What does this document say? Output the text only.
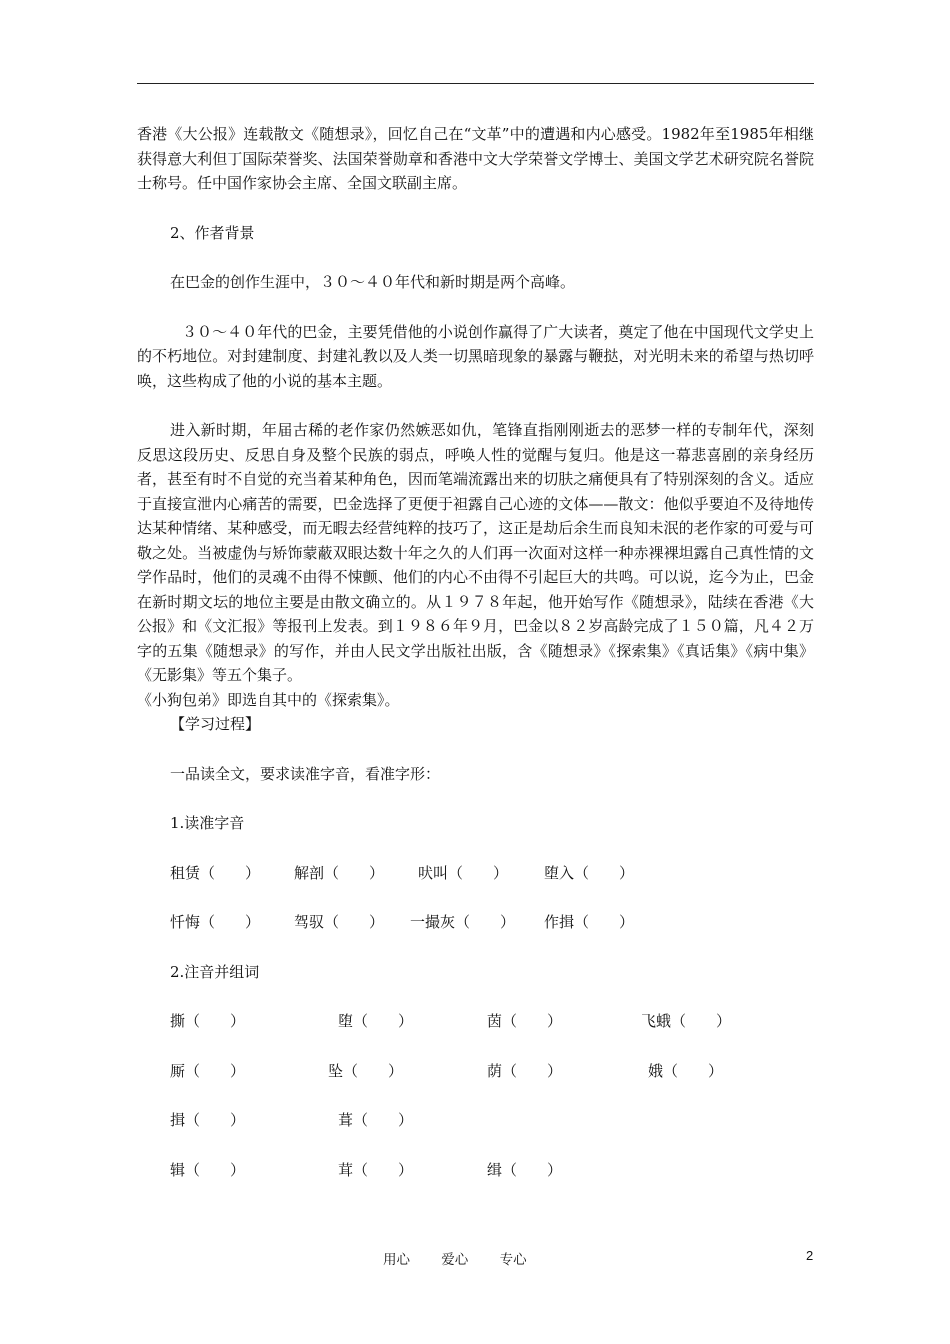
香港《大公报》连载散文《随想录》，回忆自己在“文革”中的遭遇和内心感受。1982年至1985年相继获得意大利但丁国际荣誉奖、法国荣誉勋章和香港中文大学荣誉文学博士、美国文学艺术研究院名誉院士称号。任中国作家协会主席、全国文联副主席。

2、作者背景

在巴金的创作生涯中，３０～４０年代和新时期是两个高峰。

３０～４０年代的巴金，主要凭借他的小说创作赢得了广大读者，奠定了他在中国现代文学史上的不朽地位。对封建制度、封建礼教以及人类一切黑暗现象的暴露与鞭挞，对光明未来的希望与热切呼唤，这些构成了他的小说的基本主题。

进入新时期，年届古稀的老作家仍然嫉恶如仇，笔锋直指刚刚逝去的恶梦一样的专制年代，深刻反思这段历史、反思自身及整个民族的弱点，呼唤人性的觉醒与复归。他是这一幕悲喜剧的亲身经历者，甚至有时不自觉的充当着某种角色，因而笔端流露出来的切肤之痛便具有了特别深刻的含义。适应于直接宣泄内心痛苦的需要，巴金选择了更便于袒露自己心迹的文体——散文：他似乎要迫不及待地传达某种情绪、某种感受，而无暇去经营纯粹的技巧了，这正是劫后余生而良知未泯的老作家的可爱与可敬之处。当被虚伪与矫饰蒙蔽双眼达数十年之久的人们再一次面对这样一种赤裸裸坦露自己真性情的文学作品时，他们的灵魂不由得不悚颤、他们的内心不由得不引起巨大的共鸣。可以说，迄今为止，巴金在新时期文坛的地位主要是由散文确立的。从１９７８年起，他开始写作《随想录》，陆续在香港《大公报》和《文汇报》等报刊上发表。到１９８６年９月，巴金以８２岁高龄完成了１５０篇，凡４２万字的五集《随想录》的写作，并由人民文学出版社出版，含《随想录》《探索集》《真话集》《病中集》《无影集》等五个集子。

《小狗包弟》即选自其中的《探索集》。

【学习过程】

一品读全文，要求读准字音，看准字形：

1.读准字音

租赁（　　）	解剖（　　）	吠叫（　　）	堕入（　　）
忏悔（　　）	驾驭（　　）	一撮灰（　　）	作揖（　　）

2.注音并组词

撕（　　）	堕（　　）	茵（　　）	飞蛾（　　）
厮（　　）	坠（　　）	荫（　　）	娥（　　）
揖（　　）	葺（　　）
辑（　　）	茸（　　）	缉（　　）
用心 爱心 专心	2
